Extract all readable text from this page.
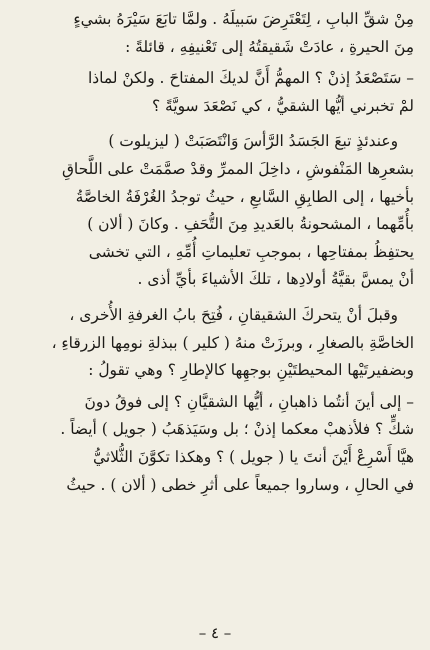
مِنْ شقِّ البابِ ، لِتَعْتَرِضَ سَبيلَهُ . ولمَّا تابَعَ سَيْرَهُ بشيءٍ

مِنَ الحيرةِ ، عادَتْ شَقيقتُهُ إلى تَعْنيفِهِ ، قائلةً :

– سَتَصْعَدُ إذنْ ؟ المهمُّ أَنَّ لديكَ المفتاحَ . ولكنْ لماذا

لمْ تخبرني أيُّها الشقيُّ ، كي نَصْعَدَ سويَّةً ؟

وعندئذٍ تبعَ الجَسَدُ الرَّأسَ وَانْتَصَبَتْ ( ليزيلوت )

بشعرِها المَنْفوشِ ، داخِلَ الممرِّ وقدْ صمَّمَتْ على اللَّحاقِ

بأخيها ، إلى الطابِقِ السَّابعِ ، حيثُ توجدُ الغُرْفَةُ الخاصَّةُ

بأُمِّهما ، المشحونةُ بالعَديدِ مِنَ التُّحَفِ . وكانَ ( ألان )

يحتفِظُ بمفتاحِها ، بموجبِ تعليماتِ أُمِّهِ ، التي تخشى

أنْ يمسَّ بقيَّةُ أولادِها ، تلكَ الأشياءَ بأيِّ أذى .

وقبلَ أنْ يتحركَ الشقيقانِ ، فُتِحَ بابُ الغرفةِ الأُخرى ،

الخاصَّةِ بالصغارِ ، وبرزَتْ منهُ ( كلير ) ببذلةِ نومِها الزرقاءِ ،

وبضفيرتَيْها المحيطتَيْنِ بوجهِها كالإطارِ ؟ وهي تقولُ :

– إلى أينَ أنتُما ذاهبانِ ، أيُّها الشقيَّانِ ؟ إلى فوقُ دونَ

شكٍّ ؟ فلأذهبْ معكما إذنْ ؛ بل وسَيَذهَبُ ( جويل ) أيضاً .

هيَّا أَسْرِعْ أَيْنَ أنتَ يا ( جويل ) ؟ وهكذا تكوَّنَ الثُّلاثيُّ

في الحالِ ، وساروا جميعاً على أثرِ خطى ( ألان ) . حيثُ

– ٤ –
